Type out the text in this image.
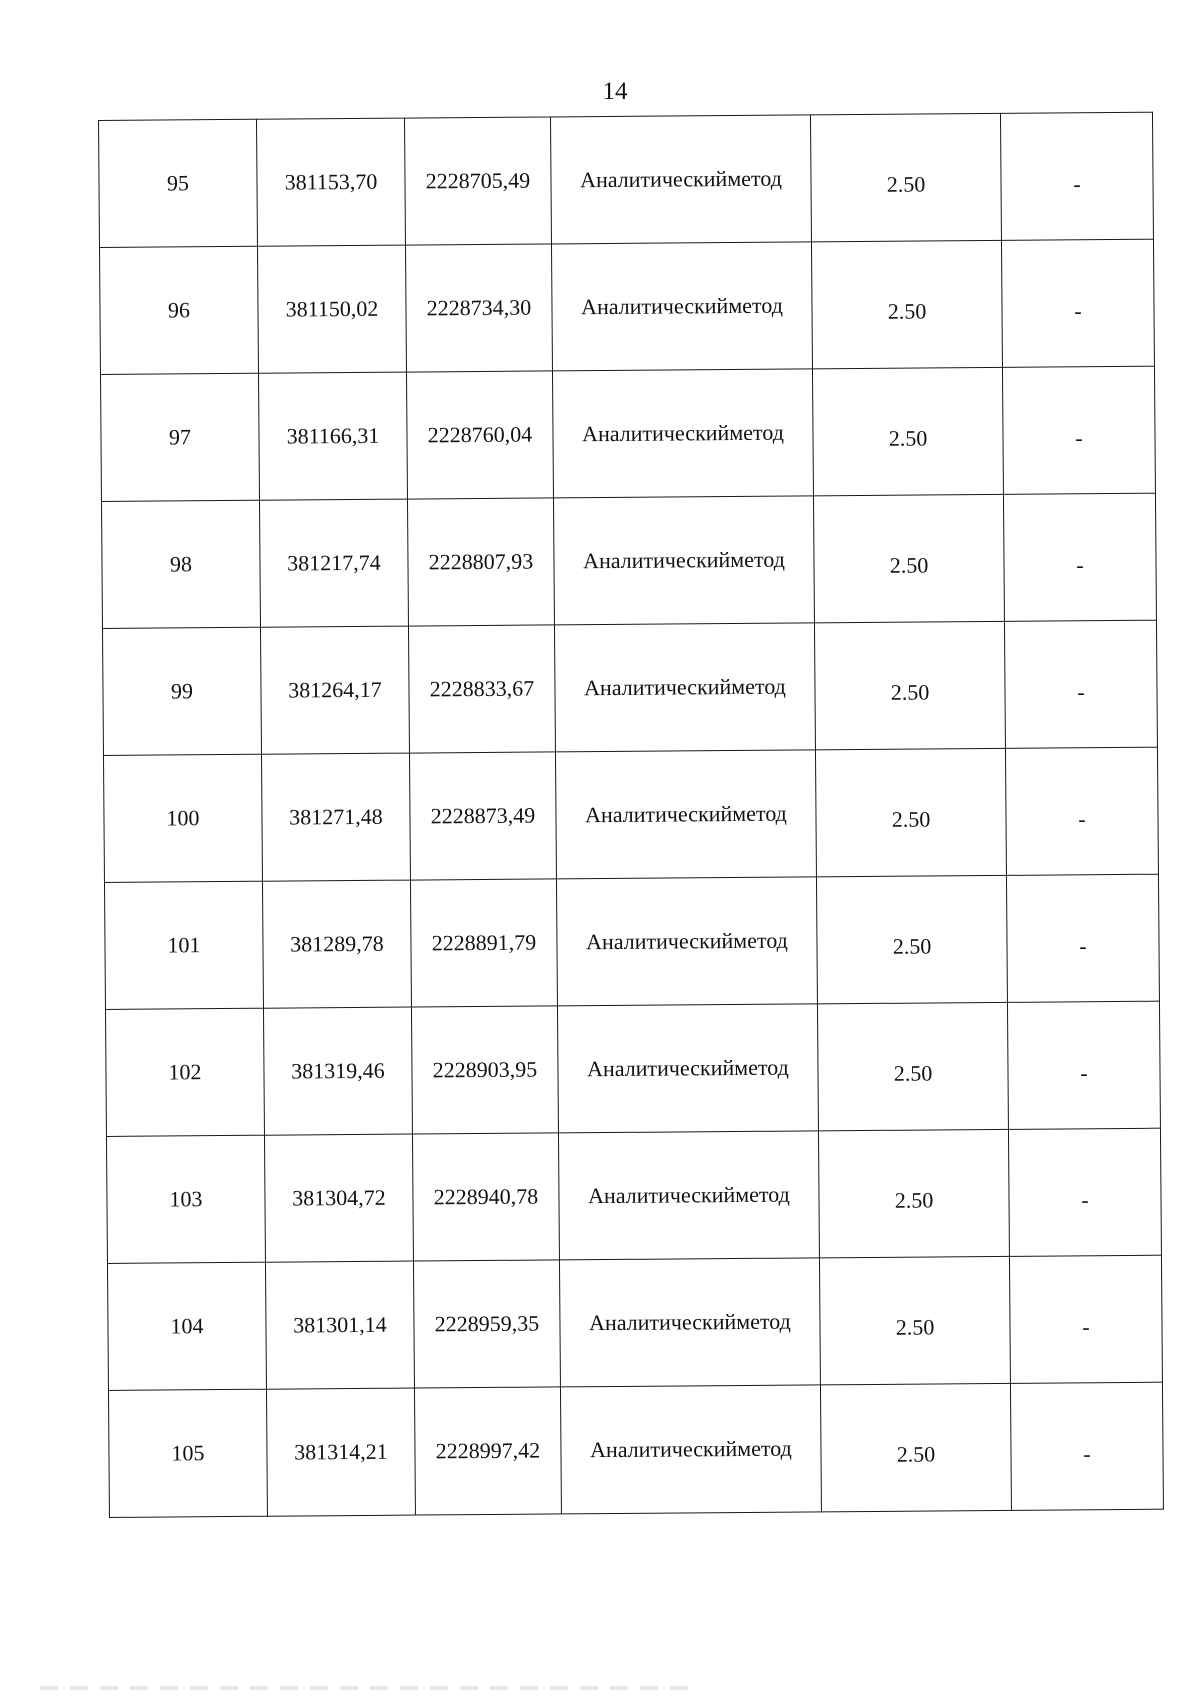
14
95	381153,70	2228705,49	Аналитическийметод	2.50	-
96	381150,02	2228734,30	Аналитическийметод	2.50	-
97	381166,31	2228760,04	Аналитическийметод	2.50	-
98	381217,74	2228807,93	Аналитическийметод	2.50	-
99	381264,17	2228833,67	Аналитическийметод	2.50	-
100	381271,48	2228873,49	Аналитическийметод	2.50	-
101	381289,78	2228891,79	Аналитическийметод	2.50	-
102	381319,46	2228903,95	Аналитическийметод	2.50	-
103	381304,72	2228940,78	Аналитическийметод	2.50	-
104	381301,14	2228959,35	Аналитическийметод	2.50	-
105	381314,21	2228997,42	Аналитическийметод	2.50	-
